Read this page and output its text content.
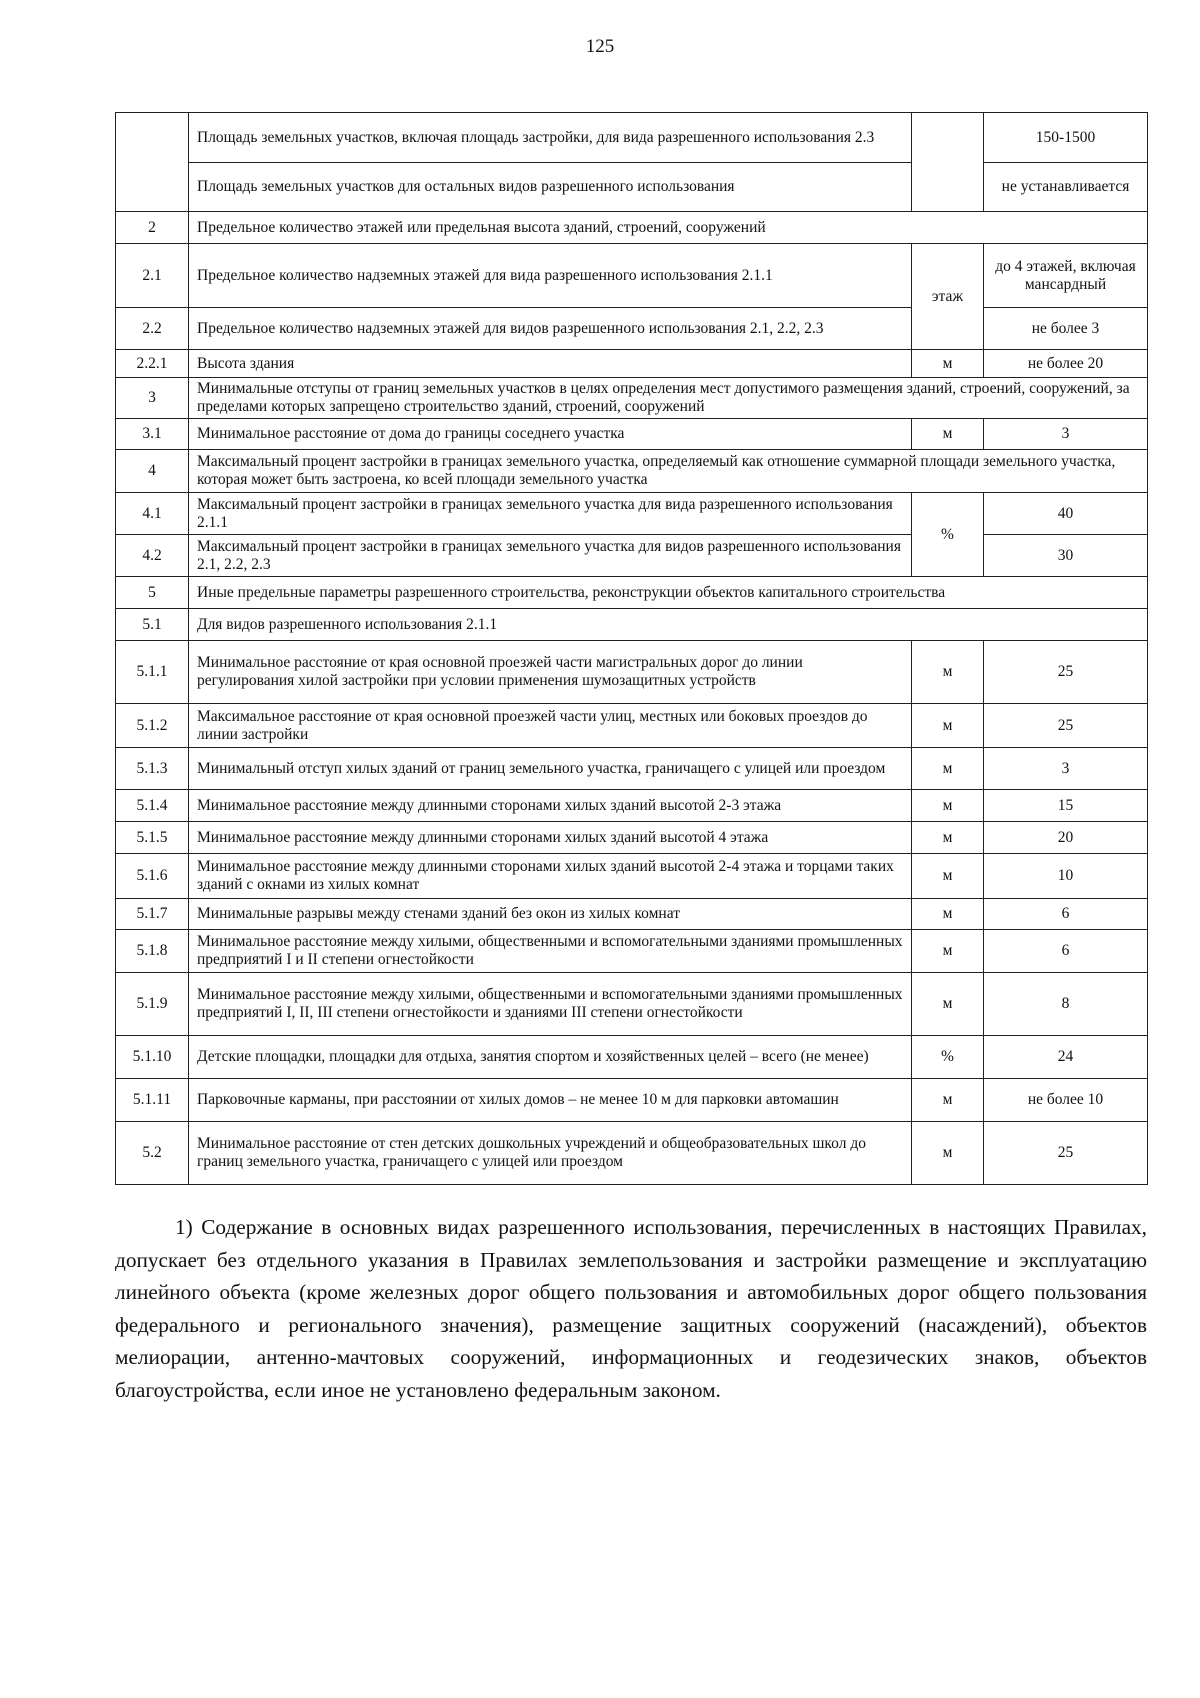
125
	Площадь земельных участков, включая площадь застройки, для вида разрешенного использования 2.3		150-1500
	Площадь земельных участков для остальных видов разрешенного использования		не устанавливается
2	Предельное количество этажей или предельная высота зданий, строений, сооружений		
2.1	Предельное количество надземных этажей для вида разрешенного использования 2.1.1	этаж	до 4 этажей, включая мансардный
2.2	Предельное количество надземных этажей для видов разрешенного использования 2.1, 2.2, 2.3		не более 3
2.2.1	Высота здания	м	не более 20
3	Минимальные отступы от границ земельных участков в целях определения мест допустимого размещения зданий, строений, сооружений, за пределами которых запрещено строительство зданий, строений, сооружений		
3.1	Минимальное расстояние от дома до границы соседнего участка	м	3
4	Максимальный процент застройки в границах земельного участка, определяемый как отношение суммарной площади земельного участка, которая может быть застроена, ко всей площади земельного участка		
4.1	Максимальный процент застройки в границах земельного участка для вида разрешенного использования 2.1.1	%	40
4.2	Максимальный процент застройки в границах земельного участка для видов разрешенного использования 2.1, 2.2, 2.3		30
5	Иные предельные параметры разрешенного строительства, реконструкции объектов капитального строительства		
5.1	Для видов разрешенного использования 2.1.1		
5.1.1	Минимальное расстояние от края основной проезжей части магистральных дорог до линии регулирования хилой застройки при условии применения шумозащитных устройств	м	25
5.1.2	Максимальное расстояние от края основной проезжей части улиц, местных или боковых проездов до линии застройки	м	25
5.1.3	Минимальный отступ хилых зданий от границ земельного участка, граничащего с улицей или проездом	м	3
5.1.4	Минимальное расстояние между длинными сторонами хилых зданий высотой 2-3 этажа	м	15
5.1.5	Минимальное расстояние между длинными сторонами хилых зданий высотой 4 этажа	м	20
5.1.6	Минимальное расстояние между длинными сторонами хилых зданий высотой 2-4 этажа и торцами таких зданий с окнами из хилых комнат	м	10
5.1.7	Минимальные разрывы между стенами зданий без окон из хилых комнат	м	6
5.1.8	Минимальное расстояние между хилыми, общественными и вспомогательными зданиями промышленных предприятий I и II степени огнестойкости	м	6
5.1.9	Минимальное расстояние между хилыми, общественными и вспомогательными зданиями промышленных предприятий I, II, III степени огнестойкости и зданиями III степени огнестойкости	м	8
5.1.10	Детские площадки, площадки для отдыха, занятия спортом и хозяйственных целей – всего (не менее)	%	24
5.1.11	Парковочные карманы, при расстоянии от хилых домов – не менее 10 м для парковки автомашин	м	не более 10
5.2	Минимальное расстояние от стен детских дошкольных учреждений и общеобразовательных школ до границ земельного участка, граничащего с улицей или проездом	м	25

1) Содержание в основных видах разрешенного использования, перечисленных в настоящих Правилах, допускает без отдельного указания в Правилах землепользования и застройки размещение и эксплуатацию линейного объекта (кроме железных дорог общего пользования и автомобильных дорог общего пользования федерального и регионального значения), размещение защитных сооружений (насаждений), объектов мелиорации, антенно-мачтовых сооружений, информационных и геодезических знаков, объектов благоустройства, если иное не установлено федеральным законом.
